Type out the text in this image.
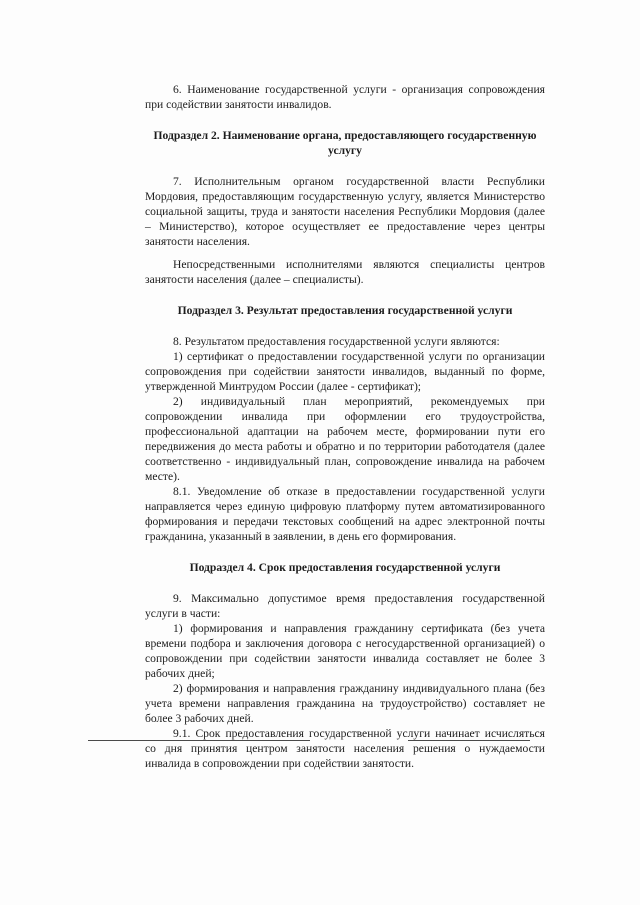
6. Наименование государственной услуги - организация сопровождения при содействии занятости инвалидов.

Подраздел 2. Наименование органа, предоставляющего государственную услугу

7. Исполнительным органом государственной власти Республики Мордовия, предоставляющим государственную услугу, является Министерство социальной защиты, труда и занятости населения Республики Мордовия (далее – Министерство), которое осуществляет ее предоставление через центры занятости населения.

Непосредственными исполнителями являются специалисты центров занятости населения (далее – специалисты).

Подраздел 3. Результат предоставления государственной услуги

8. Результатом предоставления государственной услуги являются:

1) сертификат о предоставлении государственной услуги по организации сопровождения при содействии занятости инвалидов, выданный по форме, утвержденной Минтрудом России (далее - сертификат);

2) индивидуальный план мероприятий, рекомендуемых при сопровождении инвалида при оформлении его трудоустройства, профессиональной адаптации на рабочем месте, формировании пути его передвижения до места работы и обратно и по территории работодателя (далее соответственно - индивидуальный план, сопровождение инвалида на рабочем месте).

8.1. Уведомление об отказе в предоставлении государственной услуги направляется через единую цифровую платформу путем автоматизированного формирования и передачи текстовых сообщений на адрес электронной почты гражданина, указанный в заявлении, в день его формирования.

Подраздел 4. Срок предоставления государственной услуги

9. Максимально допустимое время предоставления государственной услуги в части:

1) формирования и направления гражданину сертификата (без учета времени подбора и заключения договора с негосударственной организацией) о сопровождении при содействии занятости инвалида составляет не более 3 рабочих дней;

2) формирования и направления гражданину индивидуального плана (без учета времени направления гражданина на трудоустройство) составляет не более 3 рабочих дней.

9.1. Срок предоставления государственной услуги начинает исчисляться со дня принятия центром занятости населения решения о нуждаемости инвалида в сопровождении при содействии занятости.
